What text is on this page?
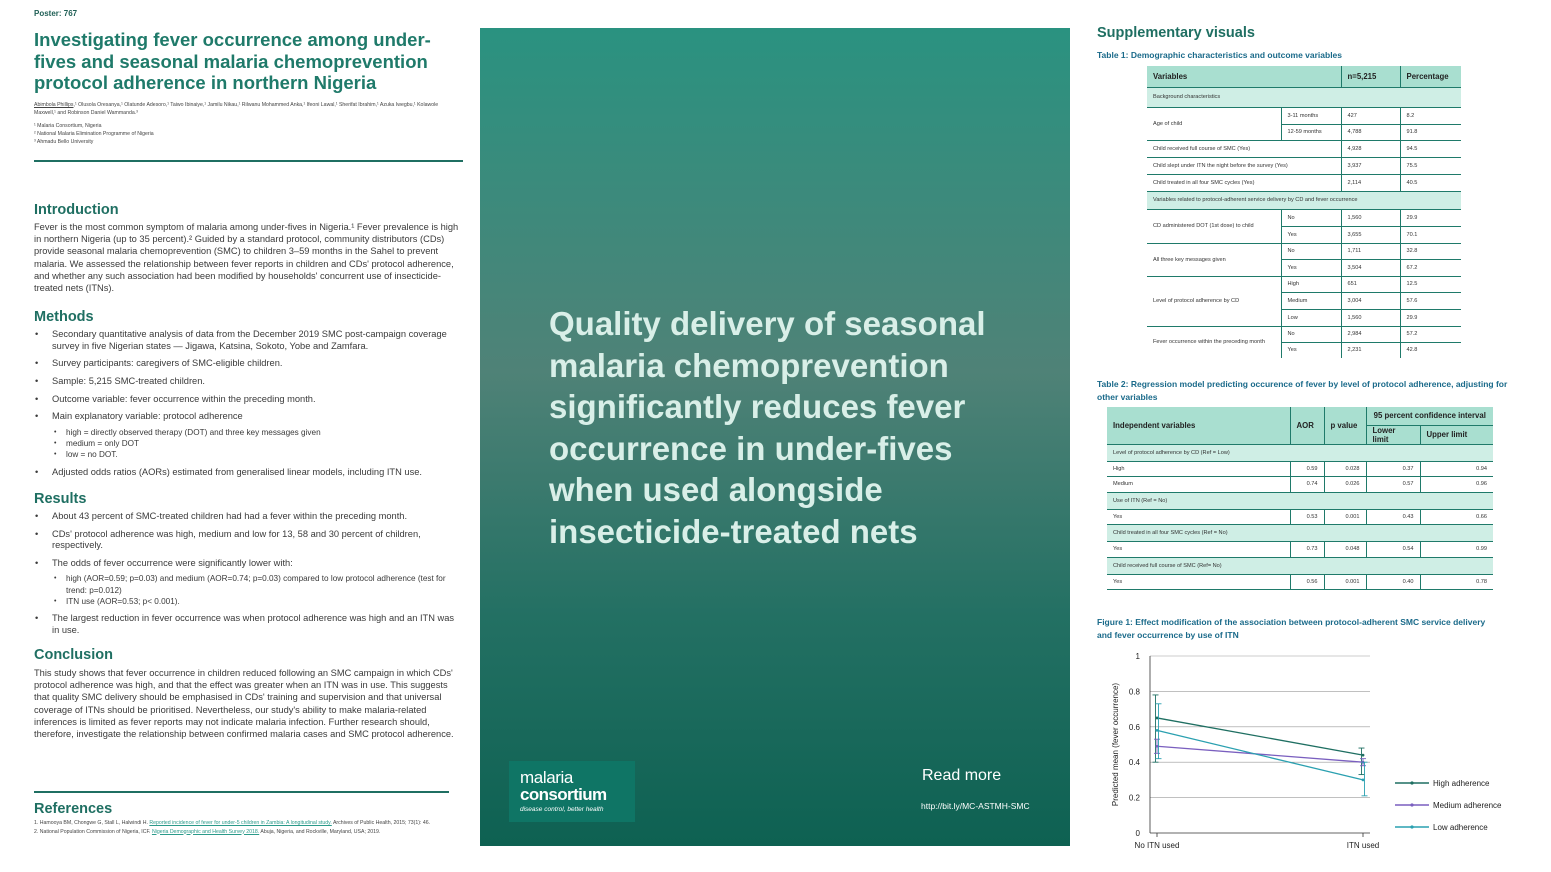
Poster: 767
Investigating fever occurrence among under-fives and seasonal malaria chemoprevention protocol adherence in northern Nigeria
Abimbola Phillips,¹ Olusola Oresanya,¹ Olatunde Adesoro,¹ Taiwo Ibinaiye,¹ Jamilu Nikau,¹ Rilwanu Mohammed Anka,¹ Ifeoni Lawal,¹ Sherifat Ibrahim,¹ Azuka Iwegbu,¹ Kolawole Maxwell,¹ and Robinson Daniel Wammanda.³
¹ Malaria Consortium, Nigeria
² National Malaria Elimination Programme of Nigeria
³ Ahmadu Bello University
Introduction
Fever is the most common symptom of malaria among under-fives in Nigeria.¹ Fever prevalence is high in northern Nigeria (up to 35 percent).² Guided by a standard protocol, community distributors (CDs) provide seasonal malaria chemoprevention (SMC) to children 3–59 months in the Sahel to prevent malaria. We assessed the relationship between fever reports in children and CDs' protocol adherence, and whether any such association had been modified by households' concurrent use of insecticide-treated nets (ITNs).
Methods
• Secondary quantitative analysis of data from the December 2019 SMC post-campaign coverage survey in five Nigerian states — Jigawa, Katsina, Sokoto, Yobe and Zamfara.
• Survey participants: caregivers of SMC-eligible children.
• Sample: 5,215 SMC-treated children.
• Outcome variable: fever occurrence within the preceding month.
• Main explanatory variable: protocol adherence
• high = directly observed therapy (DOT) and three key messages given
• medium = only DOT
• low = no DOT.
• Adjusted odds ratios (AORs) estimated from generalised linear models, including ITN use.
Results
• About 43 percent of SMC-treated children had had a fever within the preceding month.
• CDs' protocol adherence was high, medium and low for 13, 58 and 30 percent of children, respectively.
• The odds of fever occurrence were significantly lower with:
• high (AOR=0.59; p=0.03) and medium (AOR=0.74; p=0.03) compared to low protocol adherence (test for trend: p=0.012)
• ITN use (AOR=0.53; p< 0.001).
• The largest reduction in fever occurrence was when protocol adherence was high and an ITN was in use.
Conclusion
This study shows that fever occurrence in children reduced following an SMC campaign in which CDs' protocol adherence was high, and that the effect was greater when an ITN was in use. This suggests that quality SMC delivery should be emphasised in CDs' training and supervision and that universal coverage of ITNs should be prioritised. Nevertheless, our study's ability to make malaria-related inferences is limited as fever reports may not indicate malaria infection. Further research should, therefore, investigate the relationship between confirmed malaria cases and SMC protocol adherence.
References
1. Hamooya BM, Chongwe G, Stall L, Halwindi H. Reported incidence of fever for under-5 children in Zambia: A longitudinal study. Archives of Public Health, 2015; 73(1): 46.
2. National Population Commission of Nigeria, ICF. Nigeria Demographic and Health Survey 2018. Abuja, Nigeria, and Rockville, Maryland, USA; 2019.
Quality delivery of seasonal malaria chemoprevention significantly reduces fever occurrence in under-fives when used alongside insecticide-treated nets
malaria
consortium
disease control, better health
Read more
http://bit.ly/MC-ASTMH-SMC
Supplementary visuals
Table 1: Demographic characteristics and outcome variables
Variables		n=5,215	Percentage
Background characteristics			
Age of child	3-11 months	427	8.2
	12-59 months	4,788	91.8
Child received full course of SMC (Yes)		4,928	94.5
Child slept under ITN the night before the survey (Yes)		3,937	75.5
Child treated in all four SMC cycles (Yes)		2,114	40.5
Variables related to protocol-adherent service delivery by CD and fever occurrence			
CD administered DOT (1st dose) to child	No	1,560	29.9
	Yes	3,655	70.1
All three key messages given	No	1,711	32.8
	Yes	3,504	67.2
Level of protocol adherence by CD	High	651	12.5
	Medium	3,004	57.6
	Low	1,560	29.9
Fever occurrence within the preceding month	No	2,984	57.2
	Yes	2,231	42.8
Table 2: Regression model predicting occurence of fever by level of protocol adherence, adjusting for other variables
Independent variables	AOR	p value	95 percent confidence interval	
			Lower limit	Upper limit
Level of protocol adherence by CD (Ref = Low)				
High	0.59	0.028	0.37	0.94
Medium	0.74	0.026	0.57	0.96
Use of ITN (Ref = No)				
Yes	0.53	0.001	0.43	0.66
Child treated in all four SMC cycles (Ref = No)				
Yes	0.73	0.048	0.54	0.99
Child received full course of SMC (Ref= No)				
Yes	0.56	0.001	0.40	0.78
Figure 1: Effect modification of the association between protocol-adherent SMC service delivery and fever occurrence by use of ITN
0
0.2
0.4
0.6
0.8
1
No ITN used	ITN used
Predicted mean (fever occurrence)	High adherence
Medium adherence
Low adherence
